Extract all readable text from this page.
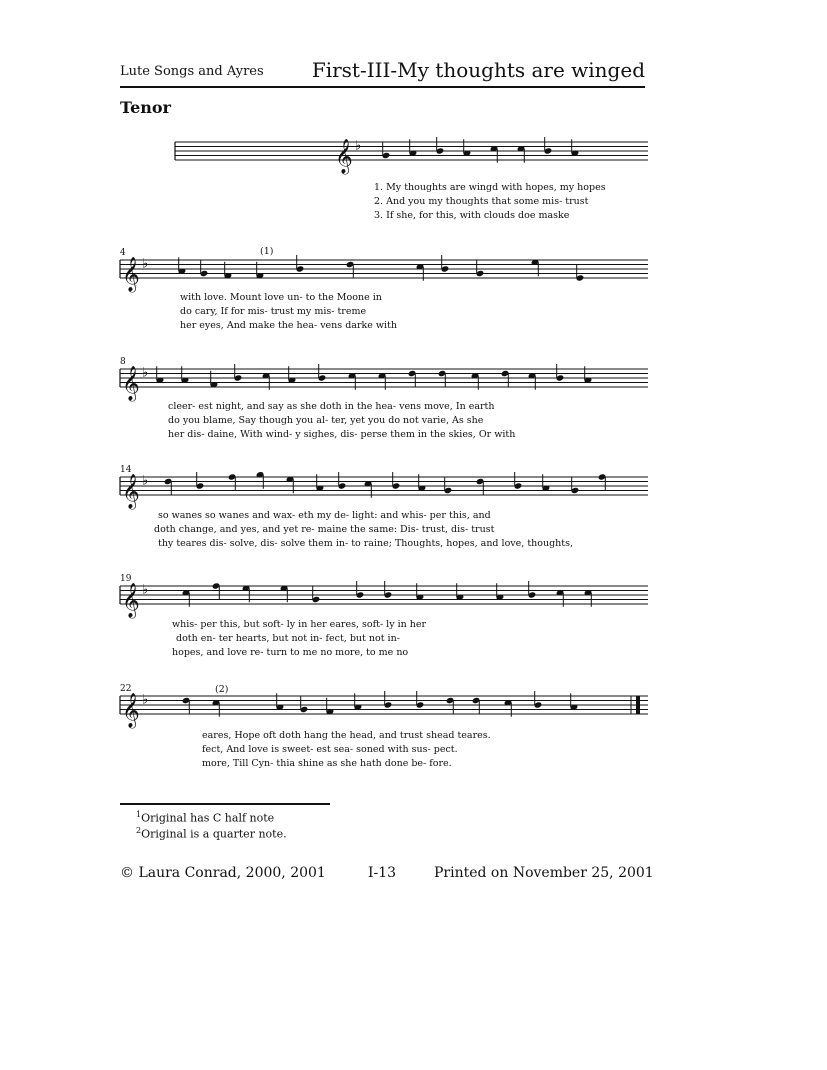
Lute Songs and Ayres First-III-My thoughts are winged
Tenor
𝄞 ♭
1. My thoughts are wingd with hopes, my hopes
2. And you my thoughts that some mis- trust
3. If she, for this, with clouds doe maske
4	(1)
𝄞 ♭
with love. Mount love un- to the Moone in
do cary, If for mis- trust my mis- treme
her eyes, And make the hea- vens darke with
8
𝄞 ♭
cleer- est night, and say as she doth in the hea- vens move, In earth
do you blame, Say though you al- ter, yet you do not varie, As she
her dis- daine, With wind- y sighes, dis- perse them in the skies, Or with
14
𝄞 ♭
so wanes so wanes and wax- eth my de- light: and whis- per this, and
doth change, and yes, and yet re- maine the same: Dis- trust, dis- trust
thy teares dis- solve, dis- solve them in- to raine; Thoughts, hopes, and love, thoughts,
19
𝄞 ♭
whis- per this, but soft- ly in her eares, soft- ly in her
doth en- ter hearts, but not in- fect, but not in-
hopes, and love re- turn to me no more, to me no
22	(2)
𝄞 ♭
eares, Hope oft doth hang the head, and trust shead teares.
fect, And love is sweet- est sea- soned with sus- pect.
more, Till Cyn- thia shine as she hath done be- fore.
$^1$Original has C half note
$^2$Original is a quarter note.
© Laura Conrad, 2000, 2001	I-13	Printed on November 25, 2001
